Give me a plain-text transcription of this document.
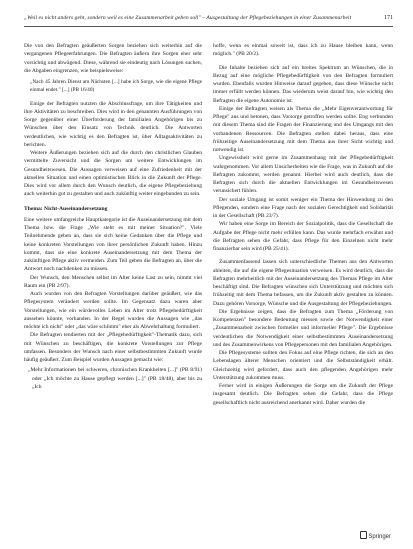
„Weil es nicht anders geht, sondern weil es eine Zusammenarbeit geben soll" – Ausgestaltung der Pflegebeziehungen in einer Zusammenarbeit	171

Die von den Befragten geäußerten Sorgen beziehen sich weiterhin auf die vergangenen Pflegeerfahrungen. Die Befragten äußern ihre Sorgen eher sehr vorsichtig und abwägend. Diese, während sie eindeutig nach Lösungen suchen, die Abgaben eingrenzen, wie beispielsweise:

„Nach 45 Jahren Dienst am Nächsten [...] habe ich Sorge, wie die eigene Pflege einmal endet." [...] (PB 16/40)

Einige der Befragten nutzten die Abschlussfrage, um ihre Tätigkeiten und ihre Aktivitäten zu beschreiben. Dies wird in den genannten Ausführungen von Sorge gegenüber einer Überforderung der familialen Angehörigen bis zu Wünschen über den Einsatz von Technik deutlich. Die Antworten verdeutlichen, wie wichtig es den Befragten ist, über Alltagsaktivitäten zu berichten.

Weitere Äußerungen beziehen sich auf die durch den christlichen Glauben vermittelte Zuversicht und die Sorgen um weitere Entwicklungen im Gesundheitswesen. Die Aussagen verweisen auf eine Zufriedenheit mit der aktuellen Situation und einen optimistischen Blick in die Zukunft der Pflege. Dies wird vor allem durch den Wunsch deutlich, die eigene Pflegebeziehung auch weiterhin gut zu gestalten und auch zukünftig weiter eingebunden zu sein.

Thema: Nicht-Auseinandersetzung

Eine weitere umfangreiche Hauptkategorie ist die Auseinandersetzung mit dem Thema bzw. die Frage „Wie steht es mit meiner Situation?". Viele Teilnehmende geben an, dass sie sich keine Gedanken über die Pflege und keine konkreten Vorstellungen von ihrer persönlichen Zukunft haben. Hinzu kommt, dass sie eine konkrete Auseinandersetzung mit dem Thema der zukünftigen Pflege aktiv vermeiden. Zum Teil geben die Befragten an, über die Antwort noch nachdenken zu müssen.

Der Wunsch, den Menschen selbst im Alter keine Last zu sein, nimmt viel Raum ein (PB 2/97).

Auch wurden von den Befragten Vorstellungen darüber geäußert, wie das Pflegesystem verändert werden sollte. Im Gegensatz dazu waren aber Vorstellungen, wie ein würdevolles Leben im Alter trotz Pflegebedürftigkeit aussehen könnte, vorhanden. In der Regel wurden die Aussagen wie „das möchte ich nicht" oder „das wäre schlimm" eher als Abwehrhaltung formuliert.

Die Befragten tendierten mit der „Pflegebedürftigkeit"-Thematik dazu, sich mit Wünschen zu beschäftigen, die konkrete Vorstellungen zur Pflege umfassen. Besonders der Wunsch nach einer selbstbestimmten Zukunft wurde häufig geäußert. Zum Beispiel wurden Aussagen gemacht wie:

„Mehr Informationen bei schweren, chronischen Krankheiten [...]" (PB 8/91) oder „Ich möchte zu Hause gepflegt werden [...]" (PB 18/48), aber bis zu „Ich

hoffe, wenn es einmal soweit ist, dass ich zu Hause bleiben kann, wenn möglich." (PB 20/2).

Die Inhalte beziehen sich auf ein breites Spektrum an Wünschen, die in Bezug auf eine mögliche Pflegebedürftigkeit von den Befragten formuliert wurden. Ebenfalls wurden Hinweise darauf gegeben, dass diese Wünsche nicht immer erfüllt werden können. Das wiederum weist darauf hin, wie wichtig den Befragten die eigene Autonomie ist.

Einige der Befragten weisen als Thema die „Mehr Eigenverantwortung für Pflege" aus und betonen, dass Vorsorge getroffen werden sollte. Eng verbunden mit diesem Thema sind die Fragen der Finanzierung und des Umgangs mit den vorhandenen Ressourcen. Die Befragten stellen dabei heraus, dass eine frühzeitige Auseinandersetzung mit dem Thema aus ihrer Sicht wichtig und notwendig ist.

Ungewissheit wird gerne im Zusammenhang mit der Pflegebedürftigkeit wahrgenommen. Vor allem Unsicherheiten wie die Frage, was in Zukunft auf die Befragten zukommt, werden genannt. Hierbei wird auch deutlich, dass die Befragten sich durch die aktuellen Entwicklungen im Gesundheitswesen verunsichert fühlen.

Der soziale Umgang ist somit weniger ein Thema der Hinwendung zu den Pflegenden, sondern eine Frage nach der sozialen Gerechtigkeit und Solidarität in der Gesellschaft (PB 23/7).

Wir haben eine Sorge im Bereich der Sozialpolitik, dass die Gesellschaft die Aufgabe der Pflege nicht mehr erfüllen kann. Das wurde mehrfach erwähnt und die Befragten sehen die Gefahr, dass Pflege für den Einzelnen nicht mehr finanzierbar sein wird (PB 25/41).

Zusammenfassend lassen sich unterschiedliche Themen aus den Antworten ableiten, die auf die eigene Pflegesituation verweisen. Es wird deutlich, dass die Befragten mehrheitlich mit der Auseinandersetzung des Themas Pflege im Alter beschäftigt sind. Die Befragten wünschen sich Unterstützung und möchten sich frühzeitig mit dem Thema befassen, um die Zukunft aktiv gestalten zu können. Dazu gehören Vorsorge, Wünsche und die Ausgestaltung der Pflegebeziehungen.

Die Ergebnisse zeigen, dass die Befragten zum Thema „Förderung von Kompetenzen" besondere Bedeutung messen sowie der Notwendigkeit einer „Zusammenarbeit zwischen formeller und informeller Pflege". Die Ergebnisse verdeutlichen die Notwendigkeit einer selbstbestimmten Auseinandersetzung und des Zusammenwirkens von Pflegepersonen mit den familialen Angehörigen.

Die Pflegesysteme sollten den Fokus auf eine Pflege richten, die sich an den Lebenslagen älterer Menschen orientiert und die Selbstständigkeit erhält. Gleichzeitig wird gefordert, dass auch den pflegenden Angehörigen mehr Unterstützung zukommen muss.

Ferner wird in einigen Äußerungen die Sorge um die Zukunft der Pflege insgesamt deutlich. Die Befragten sehen die Gefahr, dass die Pflege gesellschaftlich nicht ausreichend anerkannt wird. Daher wurden die

Springer
